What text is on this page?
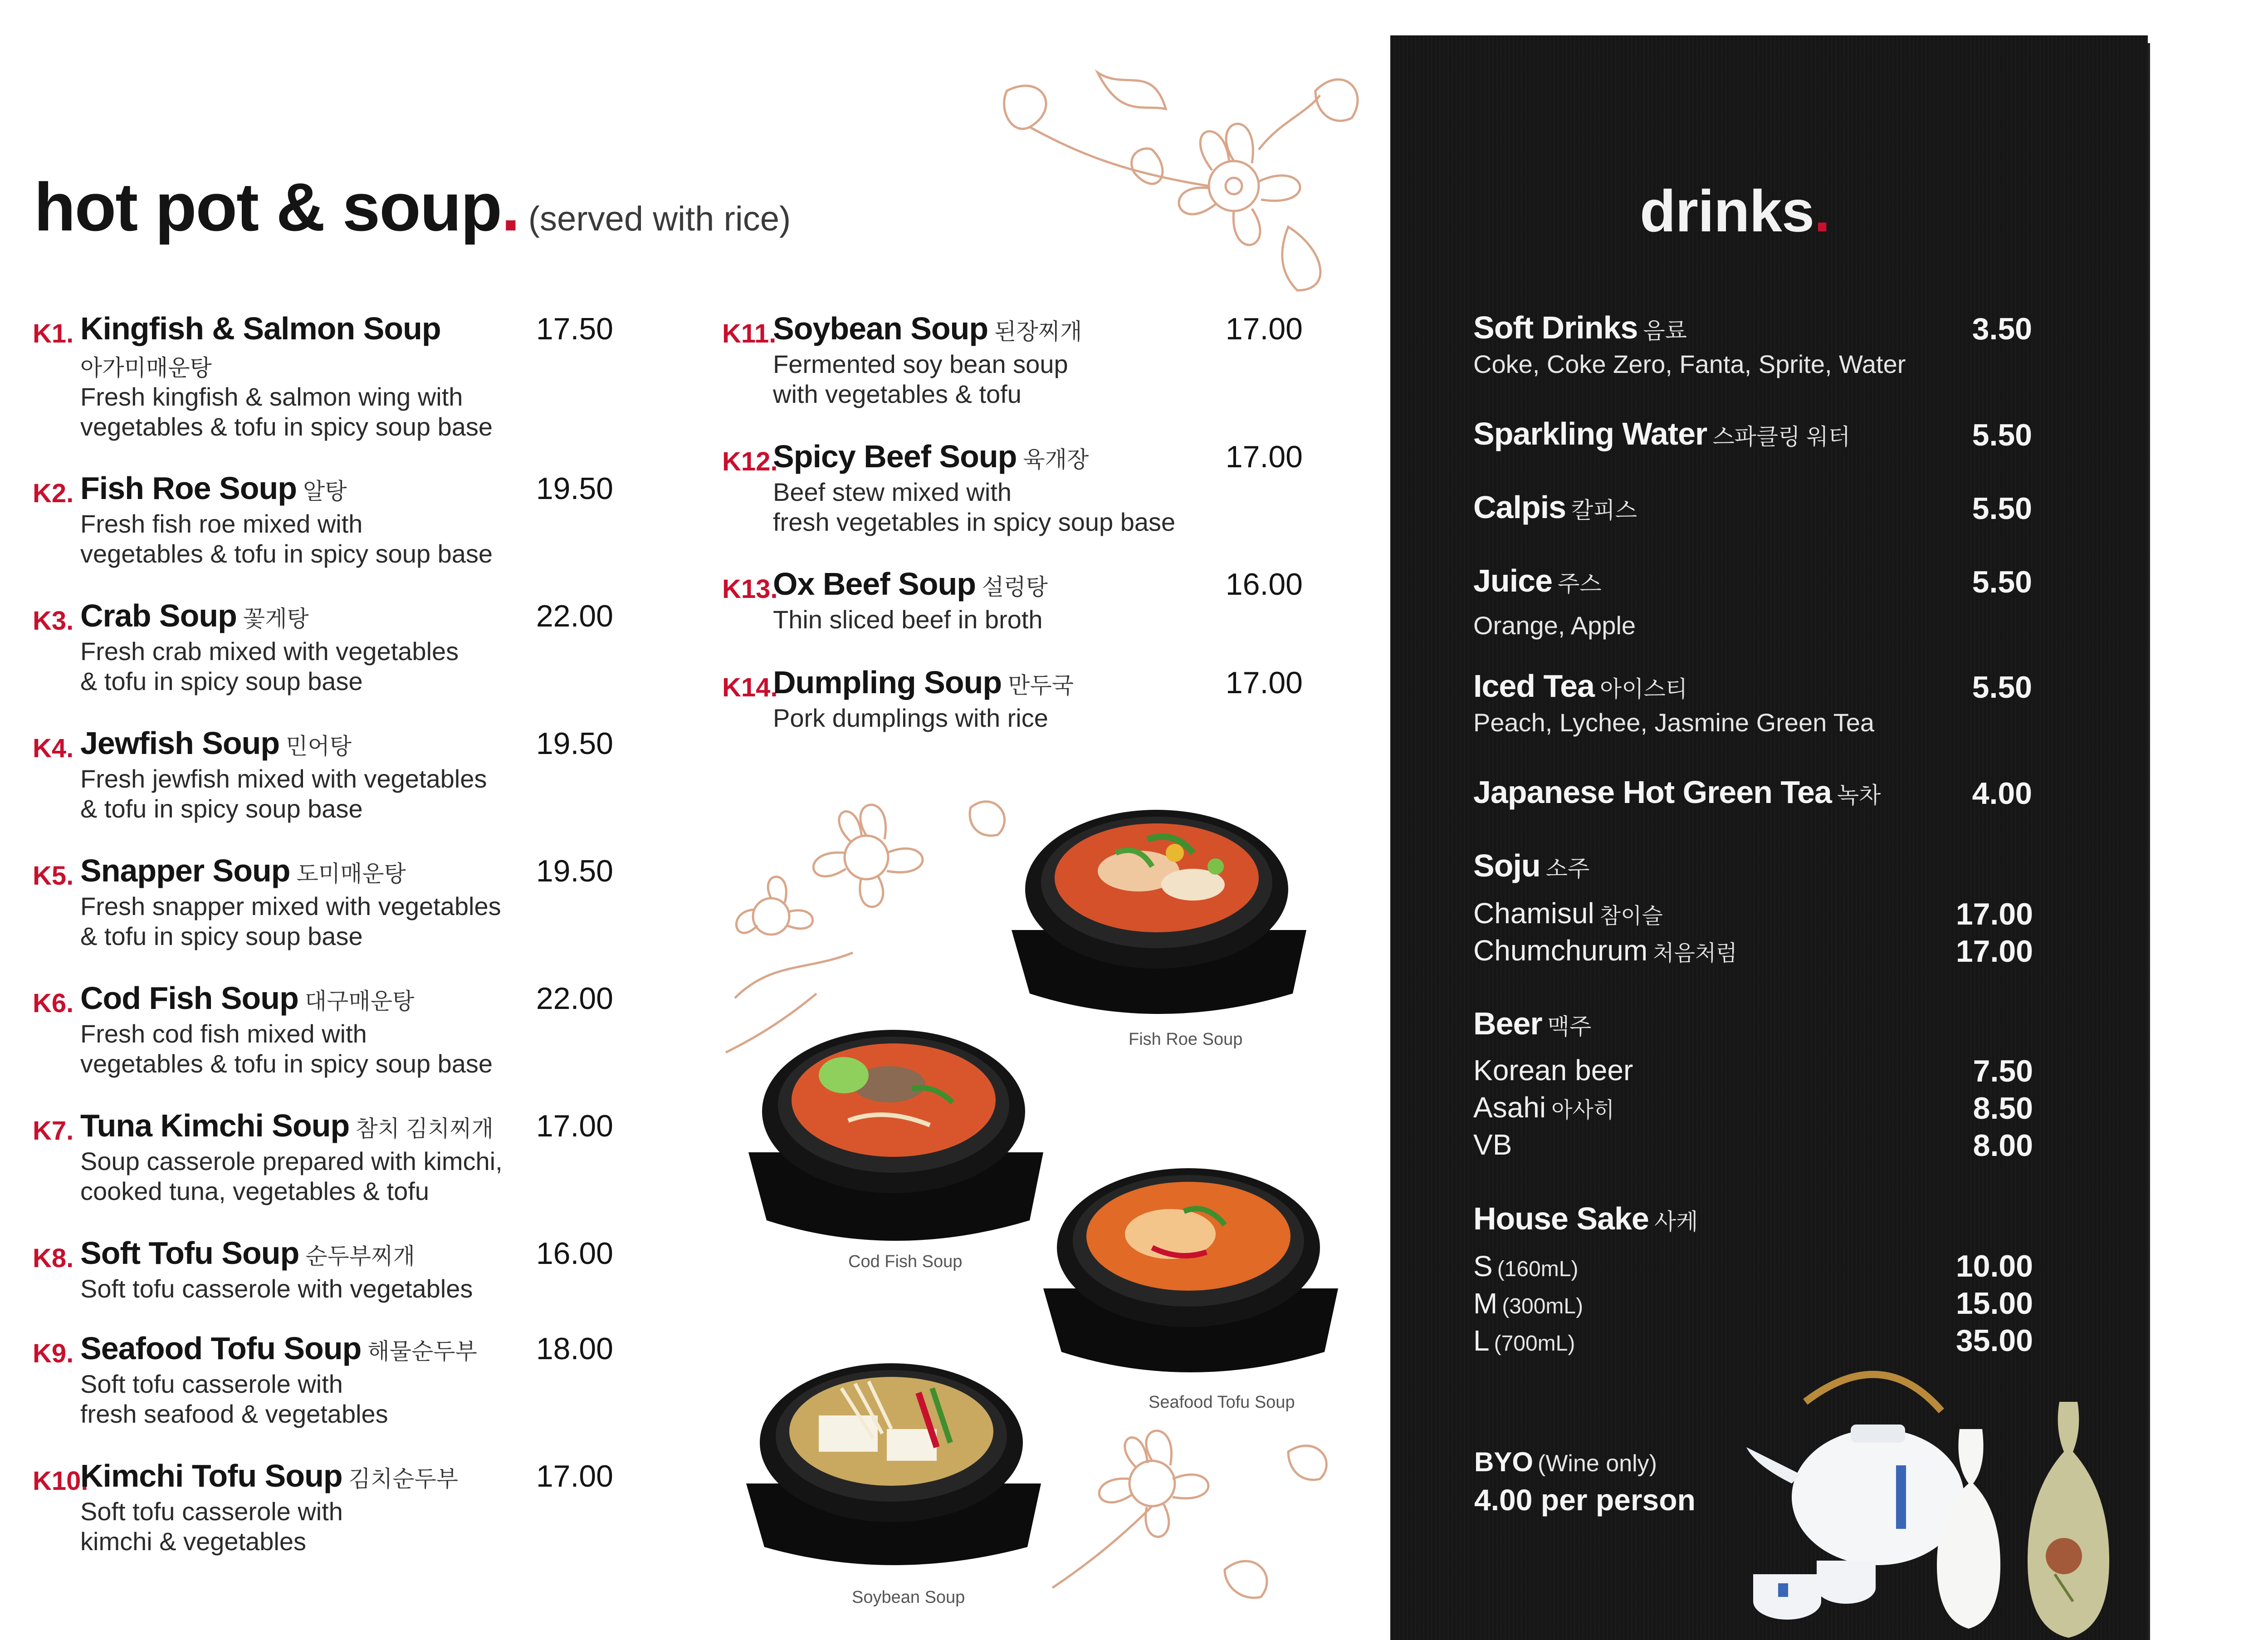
hot pot & soup. (served with rice)
K1. Kingfish & Salmon Soup	17.50
아가미매운탕
Fresh kingfish & salmon wing with
vegetables & tofu in spicy soup base
K2. Fish Roe Soup 알탕	19.50
Fresh fish roe mixed with
vegetables & tofu in spicy soup base
K3. Crab Soup 꽃게탕	22.00
Fresh crab mixed with vegetables
& tofu in spicy soup base
K4. Jewfish Soup 민어탕	19.50
Fresh jewfish mixed with vegetables
& tofu in spicy soup base
K5. Snapper Soup 도미매운탕	19.50
Fresh snapper mixed with vegetables
& tofu in spicy soup base
K6. Cod Fish Soup 대구매운탕	22.00
Fresh cod fish mixed with
vegetables & tofu in spicy soup base
K7. Tuna Kimchi Soup 참치 김치찌개	17.00
Soup casserole prepared with kimchi,
cooked tuna, vegetables & tofu
K8. Soft Tofu Soup 순두부찌개	16.00
Soft tofu casserole with vegetables
K9. Seafood Tofu Soup 해물순두부	18.00
Soft tofu casserole with
fresh seafood & vegetables
K10.
Kimchi Tofu Soup 김치순두부	17.00
Soft tofu casserole with
kimchi & vegetables
K11.
Soybean Soup 된장찌개	17.00
Fermented soy bean soup
with vegetables & tofu
K12.
Spicy Beef Soup 육개장	17.00
Beef stew mixed with
fresh vegetables in spicy soup base
K13.
Ox Beef Soup 설렁탕	16.00
Thin sliced beef in broth
K14.
Dumpling Soup 만두국	17.00
Pork dumplings with rice
Fish Roe Soup
Cod Fish Soup
Seafood Tofu Soup
Soybean Soup
drinks.
Soft Drinks 음료	3.50
Coke, Coke Zero, Fanta, Sprite, Water
Sparkling Water 스파클링 워터	5.50
Calpis 칼피스	5.50
Juice 주스	5.50
Orange, Apple
Iced Tea 아이스티	5.50
Peach, Lychee, Jasmine Green Tea
Japanese Hot Green Tea 녹차	4.00
Soju 소주
Chamisul 참이슬	17.00
Chumchurum 처음처럼	17.00
Beer 맥주
Korean beer	7.50
Asahi 아사히	8.50
VB	8.00
House Sake 사케
S (160mL)	10.00
M (300mL)	15.00
L (700mL)	35.00
BYO (Wine only)
4.00 per person
